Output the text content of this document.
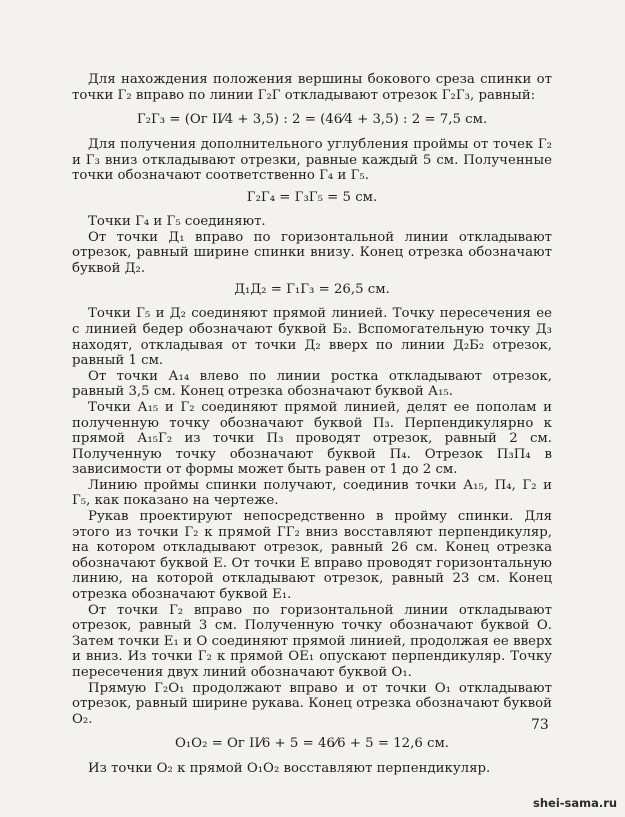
Для нахождения положения вершины бокового среза спинки от точки Г₂ вправо по линии Г₂Г откладывают отрезок Г₂Г₃, равный:

Г₂Г₃ = (Оᴦ II⁄4 + 3,5) : 2 = (46⁄4 + 3,5) : 2 = 7,5 см.

Для получения дополнительного углубления проймы от точек Г₂ и Г₃ вниз откладывают отрезки, равные каждый 5 см. Полученные точки обозначают соответственно Г₄ и Г₅.

Г₂Г₄ = Г₃Г₅ = 5 см.

Точки Г₄ и Г₅ соединяют.

От точки Д₁ вправо по горизонтальной линии откладывают отрезок, равный ширине спинки внизу. Конец отрезка обозначают буквой Д₂.

Д₁Д₂ = Г₁Г₃ = 26,5 см.

Точки Г₅ и Д₂ соединяют прямой линией. Точку пересечения ее с линией бедер обозначают буквой Б₂. Вспомогательную точку Д₃ находят, откладывая от точки Д₂ вверх по линии Д₂Б₂ отрезок, равный 1 см.

От точки А₁₄ влево по линии ростка откладывают отрезок, равный 3,5 см. Конец отрезка обозначают буквой А₁₅.

Точки А₁₅ и Г₂ соединяют прямой линией, делят ее пополам и полученную точку обозначают буквой П₃. Перпендикулярно к прямой А₁₅Г₂ из точки П₃ проводят отрезок, равный 2 см. Полученную точку обозначают буквой П₄. Отрезок П₃П₄ в зависимости от формы может быть равен от 1 до 2 см.

Линию проймы спинки получают, соединив точки А₁₅, П₄, Г₂ и Г₅, как показано на чертеже.

Рукав проектируют непосредственно в пройму спинки. Для этого из точки Г₂ к прямой ГГ₂ вниз восставляют перпендикуляр, на котором откладывают отрезок, равный 26 см. Конец отрезка обозначают буквой Е. От точки Е вправо проводят горизонтальную линию, на которой откладывают отрезок, равный 23 см. Конец отрезка обозначают буквой Е₁.

От точки Г₂ вправо по горизонтальной линии откладывают отрезок, равный 3 см. Полученную точку обозначают буквой О. Затем точки Е₁ и О соединяют прямой линией, продолжая ее вверх и вниз. Из точки Г₂ к прямой ОЕ₁ опускают перпендикуляр. Точку пересечения двух линий обозначают буквой О₁.

Прямую Г₂О₁ продолжают вправо и от точки О₁ откладывают отрезок, равный ширине рукава. Конец отрезка обозначают буквой О₂.

О₁О₂ = Оᴦ II⁄6 + 5 = 46⁄6 + 5 = 12,6 см.

Из точки О₂ к прямой О₁О₂ восставляют перпендикуляр.

73
shei-sama.ru
